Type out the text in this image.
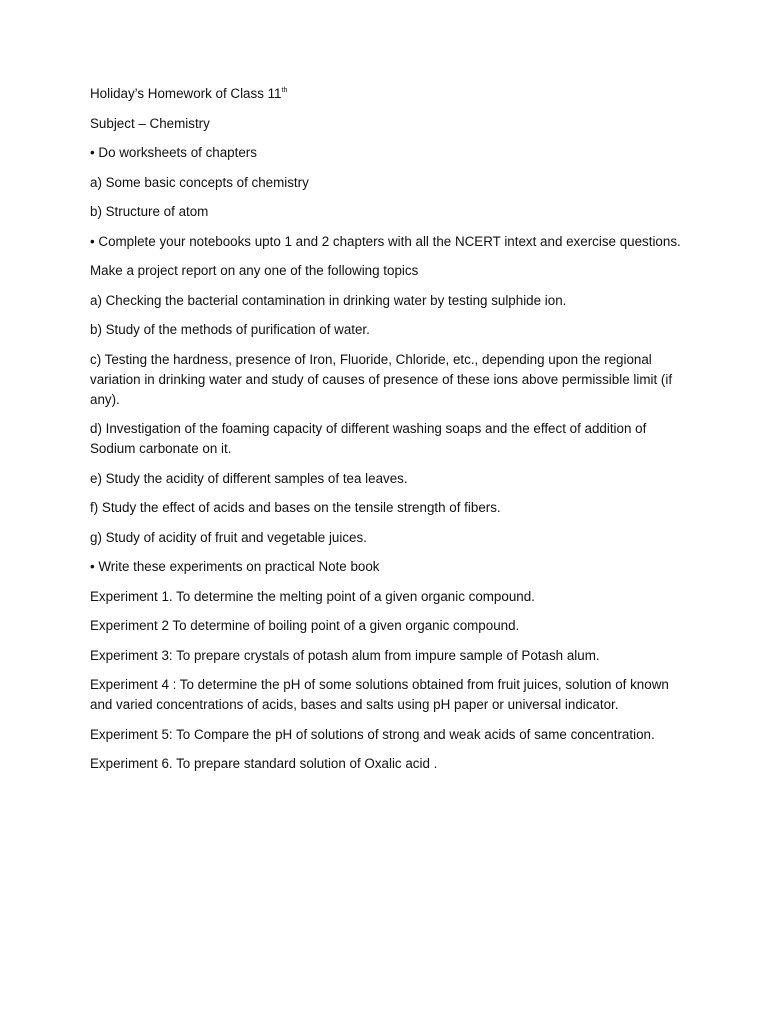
Holiday’s Homework of Class 11th

Subject – Chemistry

• Do worksheets of chapters

a) Some basic concepts of chemistry

b) Structure of atom

• Complete your notebooks upto 1 and 2 chapters with all the NCERT intext and exercise questions.

Make a project report on any one of the following topics

a) Checking the bacterial contamination in drinking water by testing sulphide ion.

b) Study of the methods of purification of water.

c) Testing the hardness, presence of Iron, Fluoride, Chloride, etc., depending upon the regional variation in drinking water and study of causes of presence of these ions above permissible limit (if any).

d) Investigation of the foaming capacity of different washing soaps and the effect of addition of Sodium carbonate on it.

e) Study the acidity of different samples of tea leaves.

f) Study the effect of acids and bases on the tensile strength of fibers.

g) Study of acidity of fruit and vegetable juices.

• Write these experiments on practical Note book

Experiment 1. To determine the melting point of a given organic compound.

Experiment 2 To determine of boiling point of a given organic compound.

Experiment 3: To prepare crystals of potash alum from impure sample of Potash alum.

Experiment 4 : To determine the pH of some solutions obtained from fruit juices, solution of known and varied concentrations of acids, bases and salts using pH paper or universal indicator.

Experiment 5: To Compare the pH of solutions of strong and weak acids of same concentration.

Experiment 6. To prepare standard solution of Oxalic acid .
